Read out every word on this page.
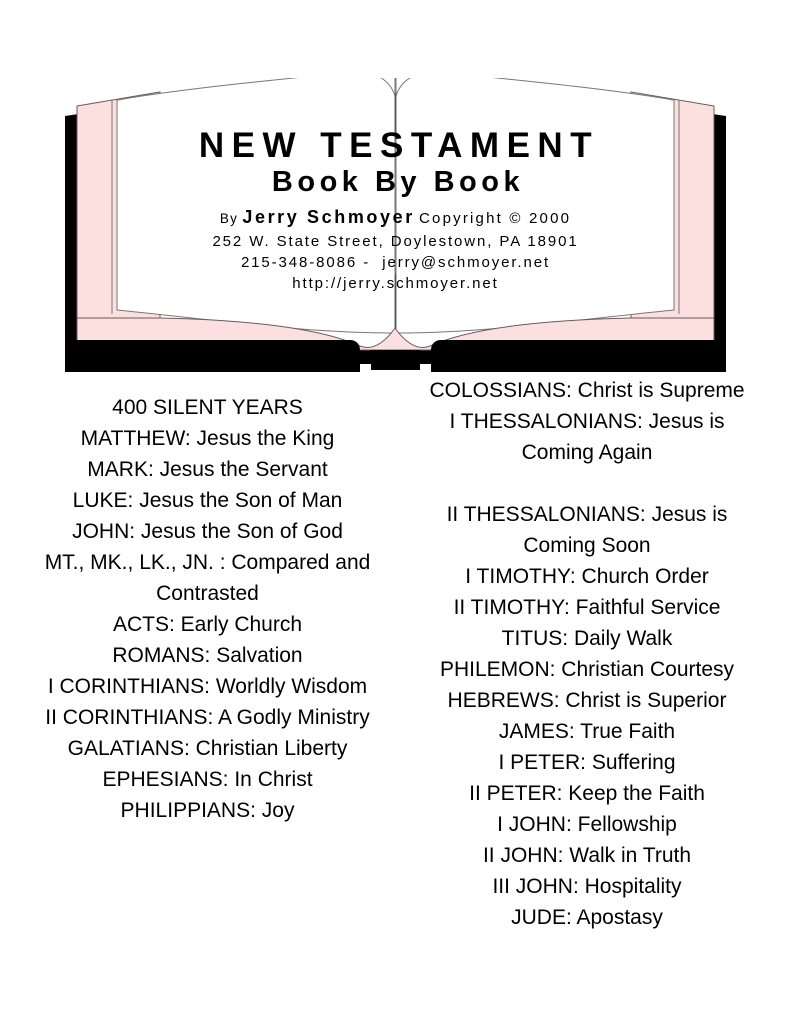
NEW TESTAMENT
Book By Book
By Jerry Schmoyer Copyright © 2000
252 W. State Street, Doylestown, PA 18901
215-348-8086 -  jerry@schmoyer.net
http://jerry.schmoyer.net
400 SILENT YEARS
MATTHEW: Jesus the King
MARK: Jesus the Servant
LUKE: Jesus the Son of Man
JOHN: Jesus the Son of God
MT., MK., LK., JN. : Compared and Contrasted
ACTS: Early Church
ROMANS: Salvation
I CORINTHIANS: Worldly Wisdom
II CORINTHIANS: A Godly Ministry
GALATIANS: Christian Liberty
EPHESIANS: In Christ
PHILIPPIANS: Joy
COLOSSIANS: Christ is Supreme
I THESSALONIANS: Jesus is Coming Again
II THESSALONIANS: Jesus is Coming Soon
I TIMOTHY: Church Order
II TIMOTHY: Faithful Service
TITUS: Daily Walk
PHILEMON: Christian Courtesy
HEBREWS: Christ is Superior
JAMES: True Faith
I PETER: Suffering
II PETER: Keep the Faith
I JOHN: Fellowship
II JOHN: Walk in Truth
III JOHN: Hospitality
JUDE: Apostasy
